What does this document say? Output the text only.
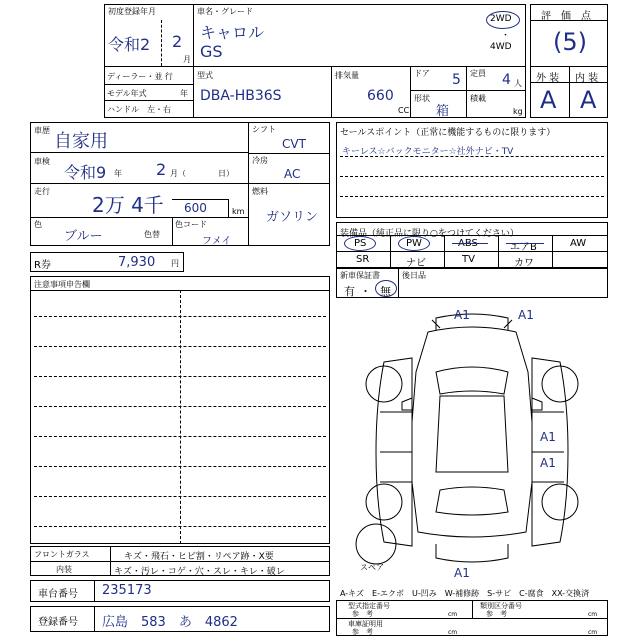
初度登録年月
令和2 2
月
車名・グレード
キャロル
GS
2WD
・
4WD
ディーラー・並 行
モデル年式	年
ハンドル　左・右
型式
DBA-HB36S
排気量
660
CC
ドア 5 定員 4 人
形状
箱
積載
kg
評　価　点
(5)
外 装 内 装
A A
車歴
自家用
車検
令和9 年 2 月（　　　　日）
走行
2万 4千 600	km
色
ブルー	色替
色コード
フメイ
シフト
CVT
冷房
AC
燃料
ガソリン
R券	7,930 円
セールスポイント（正常に機能するものに限ります）
キーレス☆バックモニター☆社外ナビ・TV
装備品（純正品に限り○をつけてください）
PS	PW	ABS	エアB	AW
SR	ナビ	TV	カワ
新車保証書
有 ・ 無
後日品
注意事項申告欄
A1	A1
A1
A1
A1
スペア
フロントガラス	キズ・飛石・ヒビ割・リペア跡・X要
内装	キズ・汚レ・コゲ・穴・スレ・キレ・破レ
A-キズ　E-エクボ　U-凹み　W-補修跡　S-サビ　C-腐食　XX-交換済
車台番号 235173
登録番号 広島　583　あ　4862
型式指定番号
参　考	cm
類別区分番号
参　考	cm
車庫証明用
参　考	cm	cm
